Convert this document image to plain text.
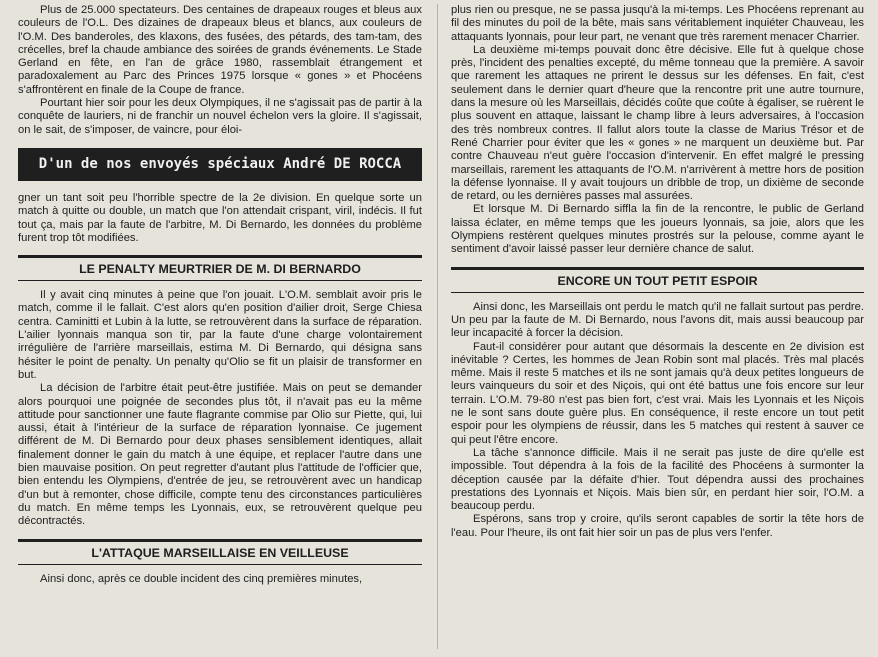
Plus de 25.000 spectateurs. Des centaines de drapeaux rouges et bleus aux couleurs de l'O.L. Des dizaines de drapeaux bleus et blancs, aux couleurs de l'O.M. Des banderoles, des klaxons, des fusées, des pétards, des tam-tam, des crécelles, bref la chaude ambiance des soirées de grands événements. Le Stade Gerland en fête, en l'an de grâce 1980, rassemblait étrangement et paradoxalement au Parc des Princes 1975 lorsque « gones » et Phocéens s'affrontèrent en finale de la Coupe de france.

Pourtant hier soir pour les deux Olympiques, il ne s'agissait pas de partir à la conquête de lauriers, ni de franchir un nouvel échelon vers la gloire. Il s'agissait, on le sait, de s'imposer, de vaincre, pour éloi-

D'un de nos envoyés spéciaux André DE ROCCA

gner un tant soit peu l'horrible spectre de la 2e division. En quelque sorte un match à quitte ou double, un match que l'on attendait crispant, viril, indécis. Il fut tout ça, mais par la faute de l'arbitre, M. Di Bernardo, les données du problème furent trop tôt modifiées.

LE PENALTY MEURTRIER DE M. DI BERNARDO

Il y avait cinq minutes à peine que l'on jouait. L'O.M. semblait avoir pris le match, comme il le fallait. C'est alors qu'en position d'ailier droit, Serge Chiesa centra. Caminitti et Lubin à la lutte, se retrouvèrent dans la surface de réparation. L'ailier lyonnais manqua son tir, par la faute d'une charge volontairement irrégulière de l'arrière marseillais, estima M. Di Bernardo, qui désigna sans hésiter le point de penalty. Un penalty qu'Olio se fit un plaisir de transformer en but.

La décision de l'arbitre était peut-être justifiée. Mais on peut se demander alors pourquoi une poignée de secondes plus tôt, il n'avait pas eu la même attitude pour sanctionner une faute flagrante commise par Olio sur Piette, qui, lui aussi, était à l'intérieur de la surface de réparation lyonnaise. Ce jugement différent de M. Di Bernardo pour deux phases sensiblement identiques, allait finalement donner le gain du match à une équipe, et replacer l'autre dans une bien mauvaise position. On peut regretter d'autant plus l'attitude de l'officier que, bien entendu les Olympiens, d'entrée de jeu, se retrouvèrent avec un handicap d'un but à remonter, chose difficile, compte tenu des circonstances particulières du match. En même temps les Lyonnais, eux, se retrouvèrent quelque peu décontractés.

L'ATTAQUE MARSEILLAISE EN VEILLEUSE

Ainsi donc, après ce double incident des cinq premières minutes,

plus rien ou presque, ne se passa jusqu'à la mi-temps. Les Phocéens reprenant au fil des minutes du poil de la bête, mais sans véritablement inquiéter Chauveau, les attaquants lyonnais, pour leur part, ne venant que très rarement menacer Charrier.

La deuxième mi-temps pouvait donc être décisive. Elle fut à quelque chose près, l'incident des penalties excepté, du même tonneau que la première. A savoir que rarement les attaques ne prirent le dessus sur les défenses. En fait, c'est seulement dans le dernier quart d'heure que la rencontre prit une autre tournure, dans la mesure où les Marseillais, décidés coûte que coûte à égaliser, se ruèrent le plus souvent en attaque, laissant le champ libre à leurs adversaires, à l'occasion des très nombreux contres. Il fallut alors toute la classe de Marius Trésor et de René Charrier pour éviter que les « gones » ne marquent un deuxième but. Par contre Chauveau n'eut guère l'occasion d'intervenir. En effet malgré le pressing marseillais, rarement les attaquants de l'O.M. n'arrivèrent à mettre hors de position la défense lyonnaise. Il y avait toujours un dribble de trop, un dixième de seconde de retard, ou les dernières passes mal assurées.

Et lorsque M. Di Bernardo siffla la fin de la rencontre, le public de Gerland laissa éclater, en même temps que les joueurs lyonnais, sa joie, alors que les Olympiens restèrent quelques minutes prostrés sur la pelouse, comme ayant le sentiment d'avoir laissé passer leur dernière chance de salut.

ENCORE UN TOUT PETIT ESPOIR

Ainsi donc, les Marseillais ont perdu le match qu'il ne fallait surtout pas perdre. Un peu par la faute de M. Di Bernardo, nous l'avons dit, mais aussi beaucoup par leur incapacité à forcer la décision.

Faut-il considérer pour autant que désormais la descente en 2e division est inévitable ? Certes, les hommes de Jean Robin sont mal placés. Très mal placés même. Mais il reste 5 matches et ils ne sont jamais qu'à deux petites longueurs de leurs vainqueurs du soir et des Niçois, qui ont été battus une fois encore sur leur terrain. L'O.M. 79-80 n'est pas bien fort, c'est vrai. Mais les Lyonnais et les Niçois ne le sont sans doute guère plus. En conséquence, il reste encore un tout petit espoir pour les olympiens de réussir, dans les 5 matches qui restent à sauver ce qui peut l'être encore.

La tâche s'annonce difficile. Mais il ne serait pas juste de dire qu'elle est impossible. Tout dépendra à la fois de la facilité des Phocéens à surmonter la déception causée par la défaite d'hier. Tout dépendra aussi des prochaines prestations des Lyonnais et Niçois. Mais bien sûr, en perdant hier soir, l'O.M. a beaucoup perdu.

Espérons, sans trop y croire, qu'ils seront capables de sortir la tête hors de l'eau. Pour l'heure, ils ont fait hier soir un pas de plus vers l'enfer.
